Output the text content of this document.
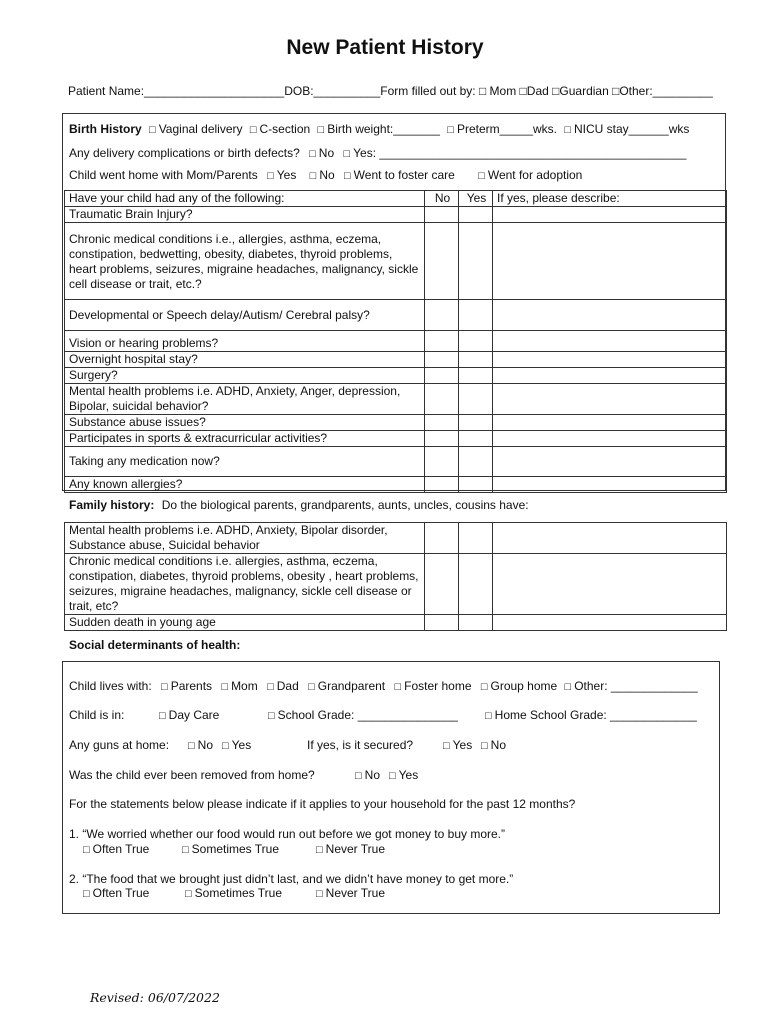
New Patient History
Patient Name:_____________________DOB:__________Form filled out by: □ Mom □Dad □Guardian □Other:_________
Birth History □ Vaginal delivery □ C-section □ Birth weight:_______ □ Preterm_____wks. □ NICU stay______wks
Any delivery complications or birth defects? □ No □ Yes: ______________________________________________
Child went home with Mom/Parents □ Yes □ No □ Went to foster care	□ Went for adoption
Have your child had any of the following:	No	Yes	If yes, please describe:
Traumatic Brain Injury?			
Chronic medical conditions i.e., allergies, asthma, eczema, constipation, bedwetting, obesity, diabetes, thyroid problems, heart problems, seizures, migraine headaches, malignancy, sickle cell disease or trait, etc.?			
Developmental or Speech delay/Autism/ Cerebral palsy?			
Vision or hearing problems?			
Overnight hospital stay?			
Surgery?			
Mental health problems i.e. ADHD, Anxiety, Anger, depression, Bipolar, suicidal behavior?			
Substance abuse issues?			
Participates in sports & extracurricular activities?			
Taking any medication now?			
Any known allergies?			
Family history: Do the biological parents, grandparents, aunts, uncles, cousins have:
Mental health problems i.e. ADHD, Anxiety, Bipolar disorder, Substance abuse, Suicidal behavior			
Chronic medical conditions i.e. allergies, asthma, eczema, constipation, diabetes, thyroid problems, obesity , heart problems, seizures, migraine headaches, malignancy, sickle cell disease or trait, etc?			
Sudden death in young age			
Social determinants of health:
Child lives with: □ Parents □ Mom □ Dad □ Grandparent □ Foster home □ Group home □ Other: _____________
Child is in:	□ Day Care	□ School Grade: _______________	□ Home School Grade: _____________
Any guns at home:	□ No	□ Yes	If yes, is it secured?	□ Yes	□ No
Was the child ever been removed from home?	□ No	□ Yes
For the statements below please indicate if it applies to your household for the past 12 months?
1. “We worried whether our food would run out before we got money to buy more.”
□ Often True	□ Sometimes True	□ Never True
2. “The food that we brought just didn’t last, and we didn’t have money to get more.”
□ Often True	□ Sometimes True	□ Never True
Revised: 06/07/2022
